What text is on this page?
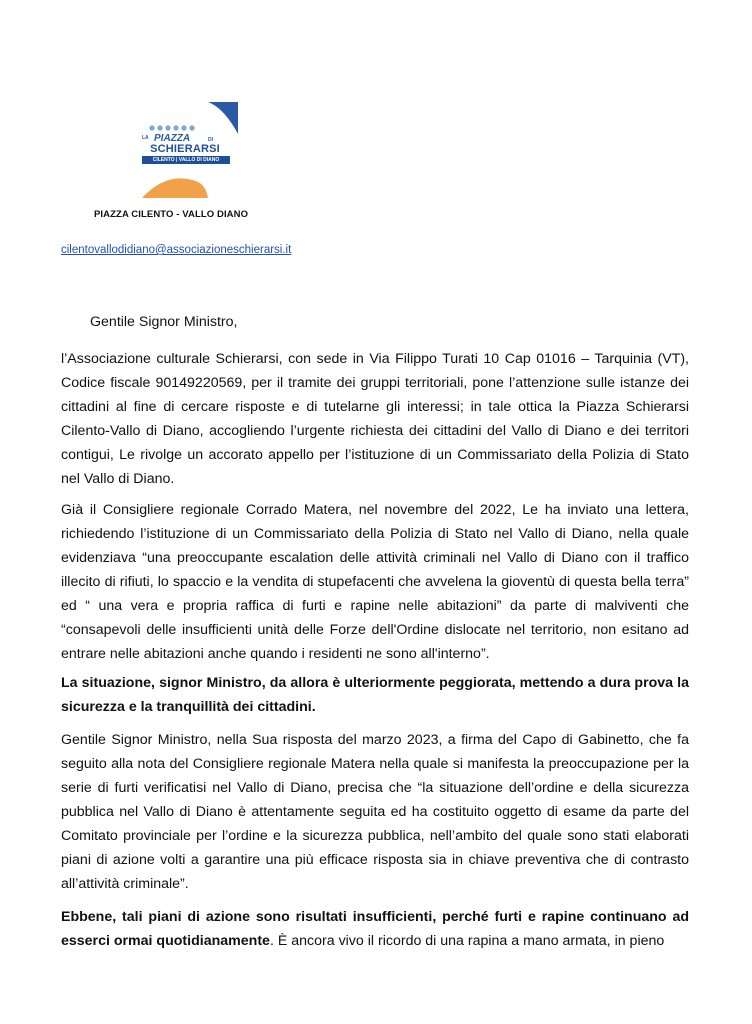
LA PIAZZA	DI
SCHIERARSI
CILENTO | VALLO DI DIANO
PIAZZA CILENTO - VALLO DIANO
cilentovallodidiano@associazioneschierarsi.it
Gentile Signor Ministro,
l’Associazione culturale Schierarsi, con sede in Via Filippo Turati 10 Cap 01016 – Tarquinia (VT), Codice fiscale 90149220569, per il tramite dei gruppi territoriali, pone l’attenzione sulle istanze dei cittadini al fine di cercare risposte e di tutelarne gli interessi; in tale ottica la Piazza Schierarsi Cilento-Vallo di Diano, accogliendo l’urgente richiesta dei cittadini del Vallo di Diano e dei territori contigui, Le rivolge un accorato appello per l’istituzione di un Commissariato della Polizia di Stato nel Vallo di Diano.
Già il Consigliere regionale Corrado Matera, nel novembre del 2022, Le ha inviato una lettera, richiedendo l’istituzione di un Commissariato della Polizia di Stato nel Vallo di Diano, nella quale evidenziava “una preoccupante escalation delle attività criminali nel Vallo di Diano con il traffico illecito di rifiuti, lo spaccio e la vendita di stupefacenti che avvelena la gioventù di questa bella terra” ed “ una vera e propria raffica di furti e rapine nelle abitazioni” da parte di malviventi che “consapevoli delle insufficienti unità delle Forze dell'Ordine dislocate nel territorio, non esitano ad entrare nelle abitazioni anche quando i residenti ne sono all'interno”.
La situazione, signor Ministro, da allora è ulteriormente peggiorata, mettendo a dura prova la sicurezza e la tranquillità dei cittadini.
Gentile Signor Ministro, nella Sua risposta del marzo 2023, a firma del Capo di Gabinetto, che fa seguito alla nota del Consigliere regionale Matera nella quale si manifesta la preoccupazione per la serie di furti verificatisi nel Vallo di Diano, precisa che “la situazione dell’ordine e della sicurezza pubblica nel Vallo di Diano è attentamente seguita ed ha costituito oggetto di esame da parte del Comitato provinciale per l’ordine e la sicurezza pubblica, nell’ambito del quale sono stati elaborati piani di azione volti a garantire una più efficace risposta sia in chiave preventiva che di contrasto all’attività criminale”.
Ebbene, tali piani di azione sono risultati insufficienti, perché furti e rapine continuano ad esserci ormai quotidianamente. È ancora vivo il ricordo di una rapina a mano armata, in pieno
